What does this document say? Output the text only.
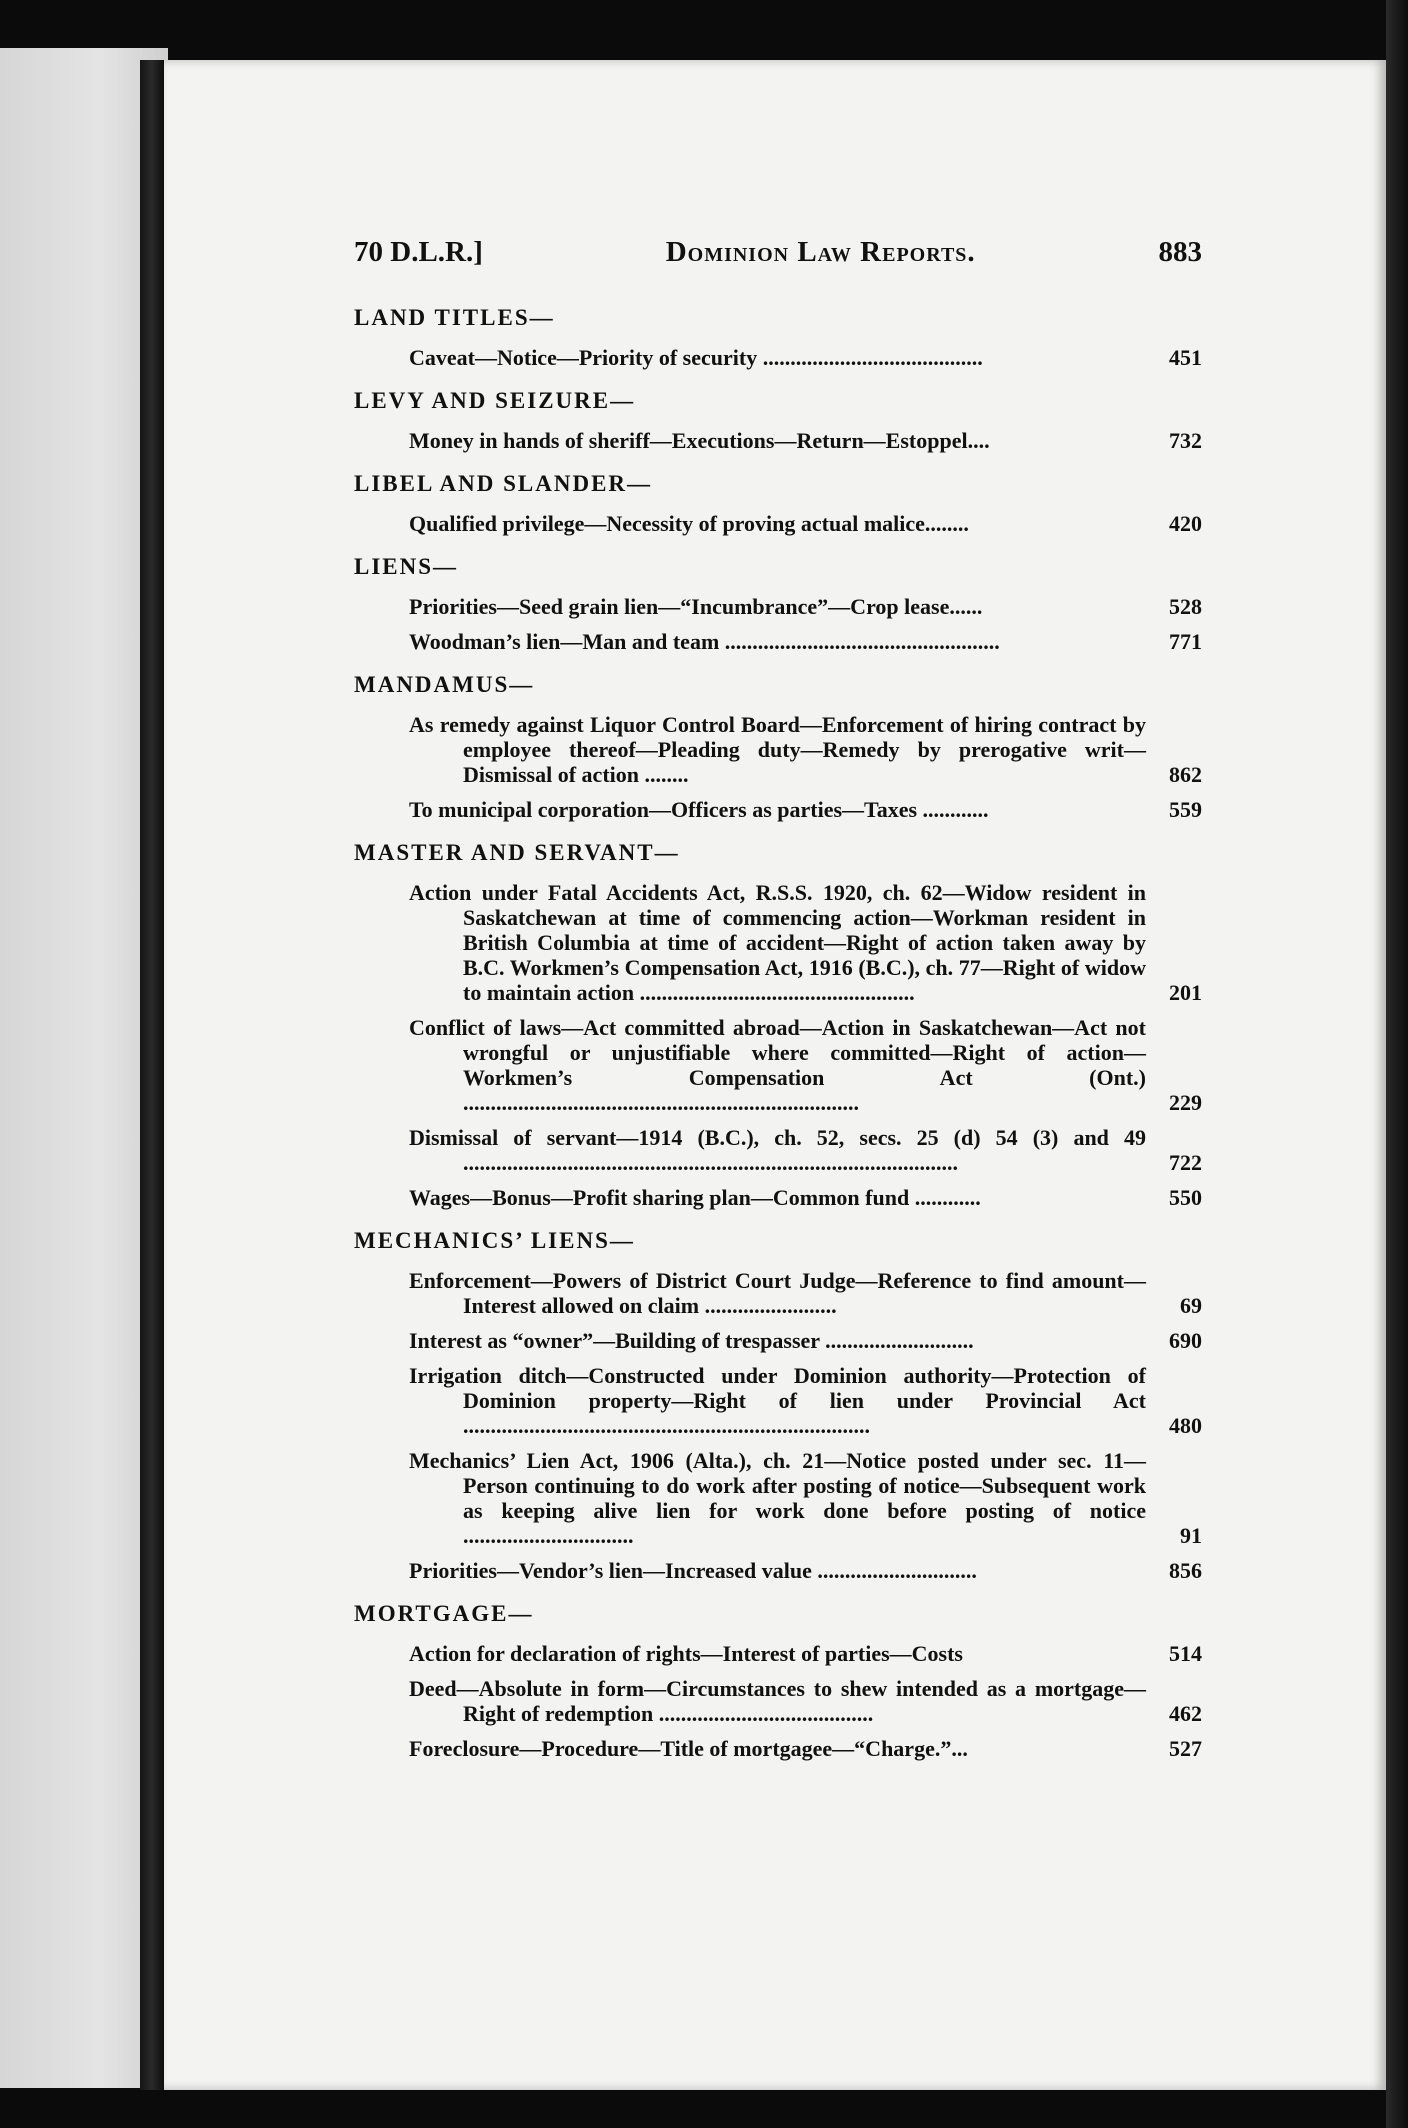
70 D.L.R.]	Dominion Law Reports.	883
LAND TITLES—
Caveat—Notice—Priority of security ........................................	451
LEVY AND SEIZURE—
Money in hands of sheriff—Executions—Return—Estoppel....	732
LIBEL AND SLANDER—
Qualified privilege—Necessity of proving actual malice........	420
LIENS—
Priorities—Seed grain lien—“Incumbrance”—Crop lease......	528
Woodman’s lien—Man and team ..................................................	771
MANDAMUS—
As remedy against Liquor Control Board—Enforcement of hiring contract by employee thereof—Pleading duty—Remedy by prerogative writ—Dismissal of action ........	862
To municipal corporation—Officers as parties—Taxes ............	559
MASTER AND SERVANT—
Action under Fatal Accidents Act, R.S.S. 1920, ch. 62—Widow resident in Saskatchewan at time of commencing action—Workman resident in British Columbia at time of accident—Right of action taken away by B.C. Workmen’s Compensation Act, 1916 (B.C.), ch. 77—Right of widow to maintain action ..................................................	201
Conflict of laws—Act committed abroad—Action in Saskatchewan—Act not wrongful or unjustifiable where committed—Right of action—Workmen’s Compensation Act (Ont.) ........................................................................	229
Dismissal of servant—1914 (B.C.), ch. 52, secs. 25 (d) 54 (3) and 49 ..........................................................................................	722
Wages—Bonus—Profit sharing plan—Common fund ............	550
MECHANICS’ LIENS—
Enforcement—Powers of District Court Judge—Reference to find amount—Interest allowed on claim ........................	69
Interest as “owner”—Building of trespasser ...........................	690
Irrigation ditch—Constructed under Dominion authority—Protection of Dominion property—Right of lien under Provincial Act ..........................................................................	480
Mechanics’ Lien Act, 1906 (Alta.), ch. 21—Notice posted under sec. 11—Person continuing to do work after posting of notice—Subsequent work as keeping alive lien for work done before posting of notice ...............................	91
Priorities—Vendor’s lien—Increased value .............................	856
MORTGAGE—
Action for declaration of rights—Interest of parties—Costs	514
Deed—Absolute in form—Circumstances to shew intended as a mortgage—Right of redemption .......................................	462
Foreclosure—Procedure—Title of mortgagee—“Charge.”...	527
